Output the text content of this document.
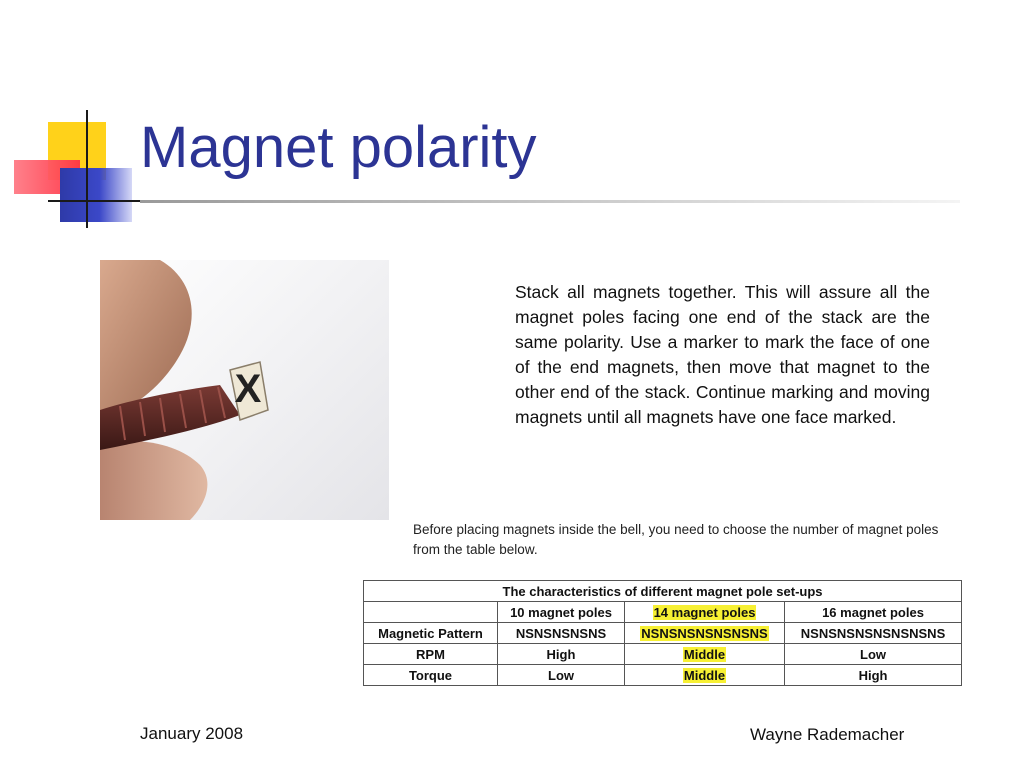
Magnet polarity
X
Stack all magnets together. This will assure all the magnet poles facing one end of the stack are the same polarity. Use a marker to mark the face of one of the end magnets, then move that magnet to the other end of the stack. Continue marking and moving magnets until all magnets have one face marked.
Before placing magnets inside the bell, you need to choose the number of magnet poles from the table below.
The characteristics of different magnet pole set-ups			
	10 magnet poles	14 magnet poles	16 magnet poles
Magnetic Pattern	NSNSNSNSNS	NSNSNSNSNSNSNS	NSNSNSNSNSNSNSNS
RPM	High	Middle	Low
Torque	Low	Middle	High
January 2008	Wayne Rademacher
